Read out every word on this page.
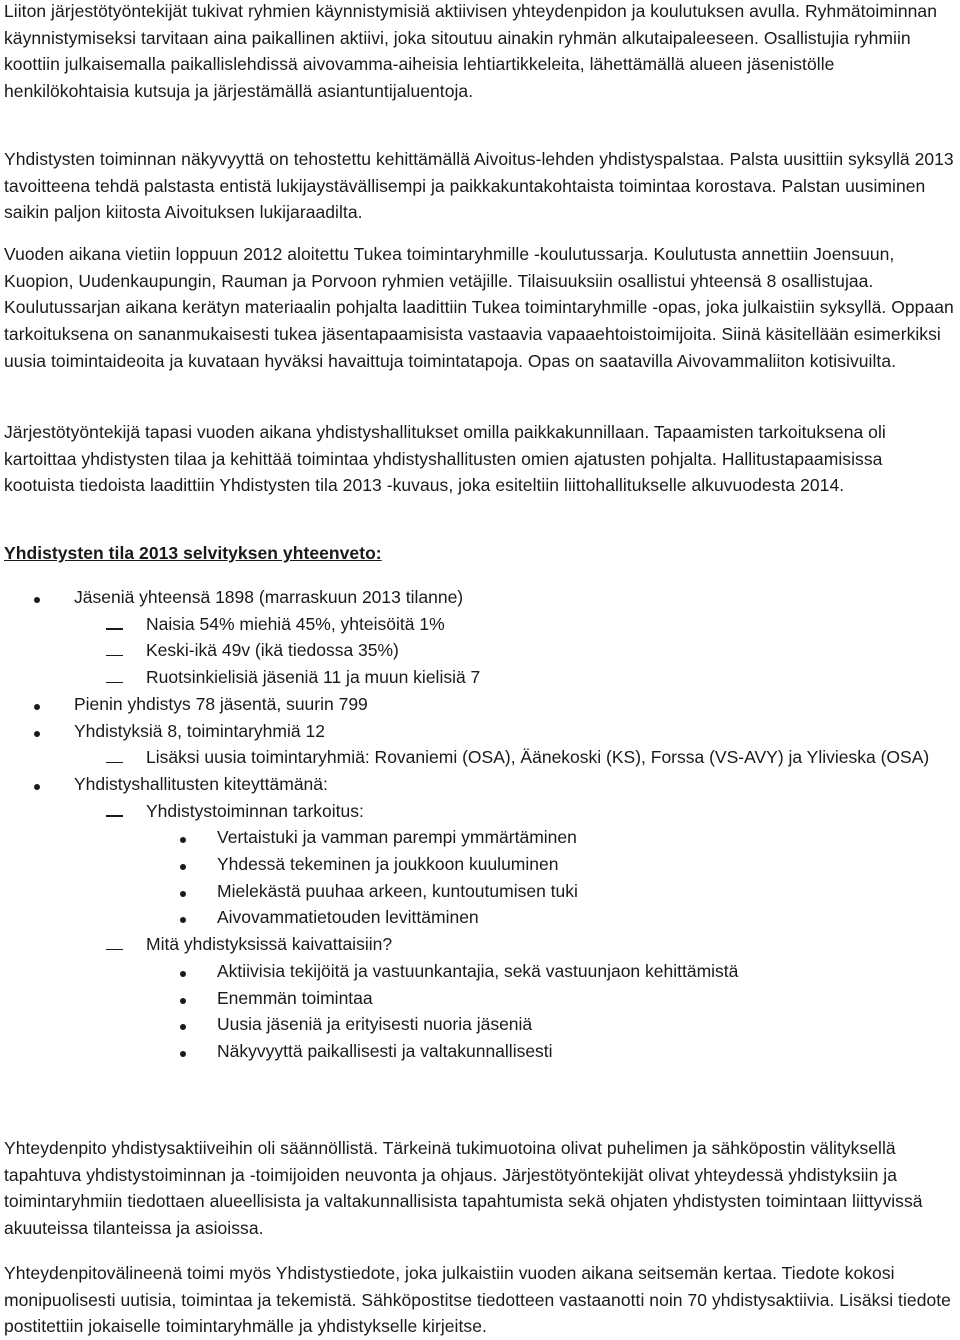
Liiton järjestötyöntekijät tukivat ryhmien käynnistymisiä aktiivisen yhteydenpidon ja koulutuksen avulla. Ryhmätoiminnan käynnistymiseksi tarvitaan aina paikallinen aktiivi, joka sitoutuu ainakin ryhmän alkutaipaleeseen. Osallistujia ryhmiin koottiin julkaisemalla paikallislehdissä aivovamma-aiheisia lehtiartikkeleita, lähettämällä alueen jäsenistölle henkilökohtaisia kutsuja ja järjestämällä asiantuntijaluentoja.

Yhdistysten toiminnan näkyvyyttä on tehostettu kehittämällä Aivoitus-lehden yhdistyspalstaa. Palsta uusittiin syksyllä 2013 tavoitteena tehdä palstasta entistä lukijaystävällisempi ja paikkakuntakohtaista toimintaa korostava. Palstan uusiminen saikin paljon kiitosta Aivoituksen lukijaraadilta.

Vuoden aikana vietiin loppuun 2012 aloitettu Tukea toimintaryhmille -koulutussarja. Koulutusta annettiin Joensuun, Kuopion, Uudenkaupungin, Rauman ja Porvoon ryhmien vetäjille. Tilaisuuksiin osallistui yhteensä 8 osallistujaa. Koulutussarjan aikana kerätyn materiaalin pohjalta laadittiin Tukea toimintaryhmille -opas, joka julkaistiin syksyllä. Oppaan tarkoituksena on sananmukaisesti tukea jäsentapaamisista vastaavia vapaaehtoistoimijoita. Siinä käsitellään esimerkiksi uusia toimintaideoita ja kuvataan hyväksi havaittuja toimintatapoja. Opas on saatavilla Aivovammaliiton kotisivuilta.

Järjestötyöntekijä tapasi vuoden aikana yhdistyshallitukset omilla paikkakunnillaan. Tapaamisten tarkoituksena oli kartoittaa yhdistysten tilaa ja kehittää toimintaa yhdistyshallitusten omien ajatusten pohjalta. Hallitustapaamisissa kootuista tiedoista laadittiin Yhdistysten tila 2013 -kuvaus, joka esiteltiin liittohallitukselle alkuvuodesta 2014.

Yhdistysten tila 2013 selvityksen yhteenveto:

Jäseniä yhteensä 1898 (marraskuun 2013 tilanne)
Naisia 54% miehiä 45%, yhteisöitä 1%
Keski-ikä 49v (ikä tiedossa 35%)
Ruotsinkielisiä jäseniä 11 ja muun kielisiä 7
Pienin yhdistys 78 jäsentä, suurin 799
Yhdistyksiä 8, toimintaryhmiä 12
Lisäksi uusia toimintaryhmiä: Rovaniemi (OSA), Äänekoski (KS), Forssa (VS-AVY) ja Ylivieska (OSA)
Yhdistyshallitusten kiteyttämänä:
Yhdistystoiminnan tarkoitus:
Vertaistuki ja vamman parempi ymmärtäminen
Yhdessä tekeminen ja joukkoon kuuluminen
Mielekästä puuhaa arkeen, kuntoutumisen tuki
Aivovammatietouden levittäminen
Mitä yhdistyksissä kaivattaisiin?
Aktiivisia tekijöitä ja vastuunkantajia, sekä vastuunjaon kehittämistä
Enemmän toimintaa
Uusia jäseniä ja erityisesti nuoria jäseniä
Näkyvyyttä paikallisesti ja valtakunnallisesti

Yhteydenpito yhdistysaktiiveihin oli säännöllistä. Tärkeinä tukimuotoina olivat puhelimen ja sähköpostin välityksellä tapahtuva yhdistystoiminnan ja -toimijoiden neuvonta ja ohjaus. Järjestötyöntekijät olivat yhteydessä yhdistyksiin ja toimintaryhmiin tiedottaen alueellisista ja valtakunnallisista tapahtumista sekä ohjaten yhdistysten toimintaan liittyvissä akuuteissa tilanteissa ja asioissa.

Yhteydenpitovälineenä toimi myös Yhdistystiedote, joka julkaistiin vuoden aikana seitsemän kertaa. Tiedote kokosi monipuolisesti uutisia, toimintaa ja tekemistä. Sähköpostitse tiedotteen vastaanotti noin 70 yhdistysaktiivia. Lisäksi tiedote postitettiin jokaiselle toimintaryhmälle ja yhdistykselle kirjeitse.
